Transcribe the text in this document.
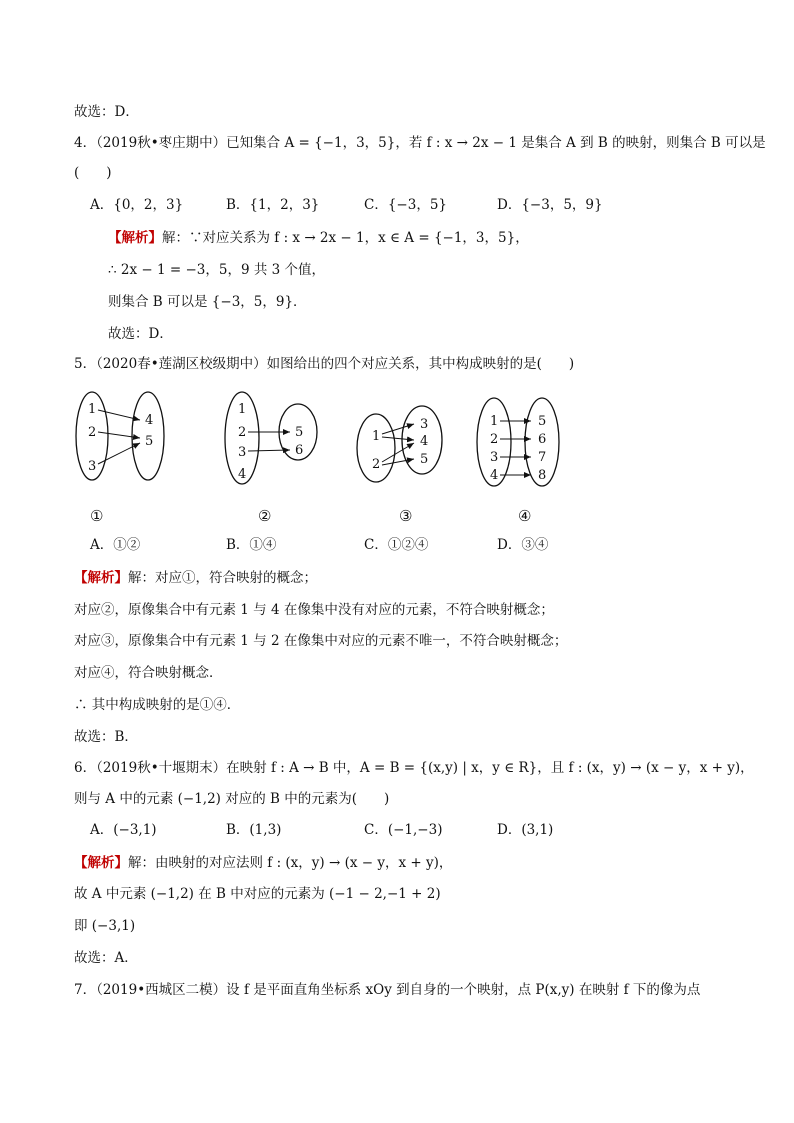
故选：D．
4．（2019秋•枣庄期中）已知集合 A = {−1，3，5}，若 f : x → 2x − 1 是集合 A 到 B 的映射，则集合 B 可以是
(　　)
A．{0，2，3}	B．{1，2，3}	C．{−3，5}	D．{−3，5，9}
【解析】解：∵对应关系为 f : x → 2x − 1，x ∈ A = {−1，3，5}，
∴ 2x − 1 = −3，5，9 共 3 个值，
则集合 B 可以是 {−3，5，9}．
故选：D．
5．（2020春•莲湖区校级期中）如图给出的四个对应关系，其中构成映射的是(　　)
1
2
3
4
5
1
2
3
4
5
6
1
2
3
4
5
1
2
3
4
5
6
7
8
①	②	③	④
A．①②	B．①④	C．①②④	D．③④
【解析】解：对应①，符合映射的概念；
对应②，原像集合中有元素 1 与 4 在像集中没有对应的元素，不符合映射概念；
对应③，原像集合中有元素 1 与 2 在像集中对应的元素不唯一，不符合映射概念；
对应④，符合映射概念．
∴ 其中构成映射的是①④．
故选：B．
6．（2019秋•十堰期末）在映射 f : A → B 中，A = B = {(x,y) | x，y ∈ R}，且 f : (x，y) → (x − y，x + y)，
则与 A 中的元素 (−1,2) 对应的 B 中的元素为(　　)
A．(−3,1)	B．(1,3)	C．(−1,−3)	D．(3,1)
【解析】解：由映射的对应法则 f : (x，y) → (x − y，x + y)，
故 A 中元素 (−1,2) 在 B 中对应的元素为 (−1 − 2,−1 + 2)
即 (−3,1)
故选：A．
7．（2019•西城区二模）设 f 是平面直角坐标系 xOy 到自身的一个映射，点 P(x,y) 在映射 f 下的像为点
